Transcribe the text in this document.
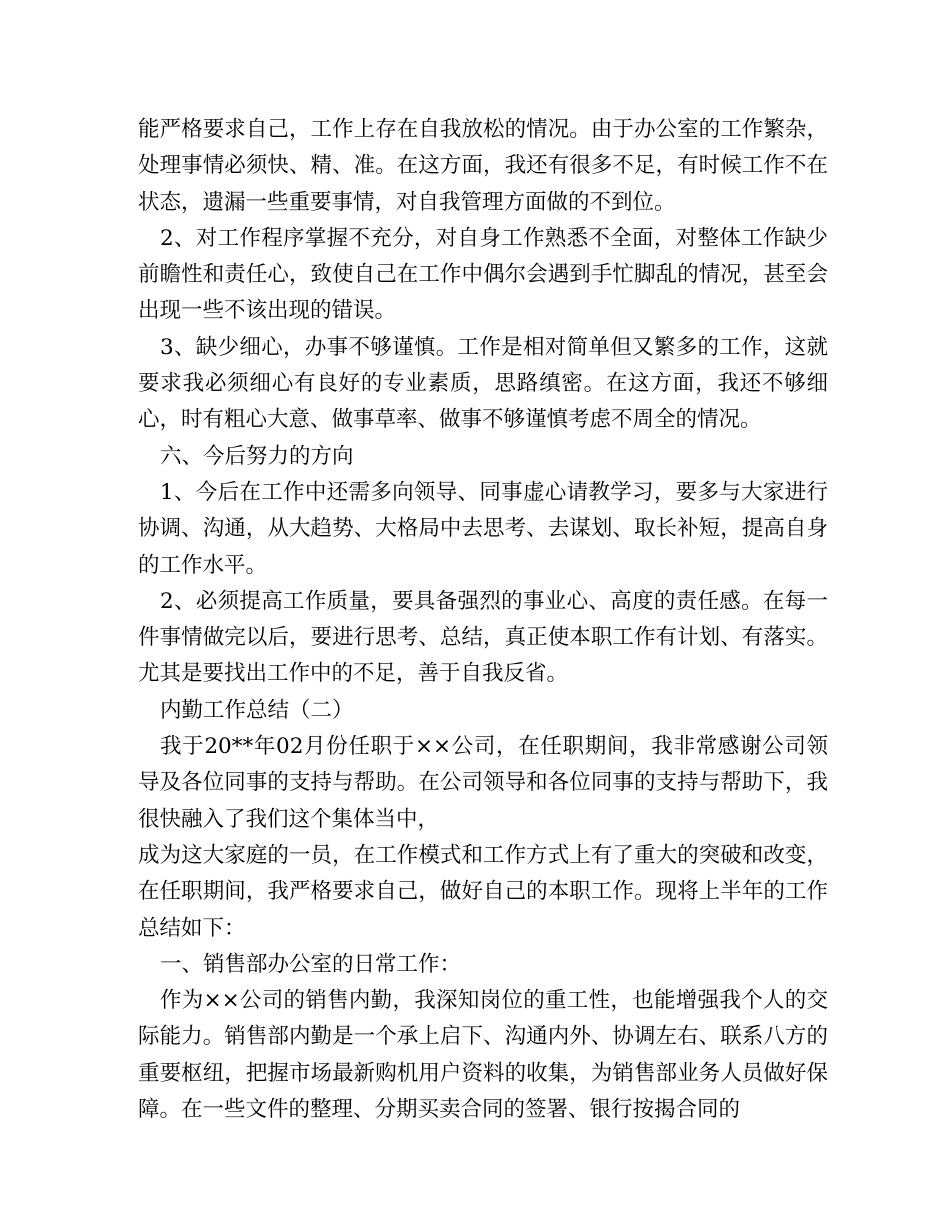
能严格要求自己，工作上存在自我放松的情况。由于办公室的工作繁杂，处理事情必须快、精、准。在这方面，我还有很多不足，有时候工作不在状态，遗漏一些重要事情，对自我管理方面做的不到位。

2、对工作程序掌握不充分，对自身工作熟悉不全面，对整体工作缺少前瞻性和责任心，致使自己在工作中偶尔会遇到手忙脚乱的情况，甚至会出现一些不该出现的错误。

3、缺少细心，办事不够谨慎。工作是相对简单但又繁多的工作，这就要求我必须细心有良好的专业素质，思路缜密。在这方面，我还不够细心，时有粗心大意、做事草率、做事不够谨慎考虑不周全的情况。

六、今后努力的方向

1、今后在工作中还需多向领导、同事虚心请教学习，要多与大家进行协调、沟通，从大趋势、大格局中去思考、去谋划、取长补短，提高自身的工作水平。

2、必须提高工作质量，要具备强烈的事业心、高度的责任感。在每一件事情做完以后，要进行思考、总结，真正使本职工作有计划、有落实。尤其是要找出工作中的不足，善于自我反省。

内勤工作总结（二）

我于20**年02月份任职于××公司，在任职期间，我非常感谢公司领导及各位同事的支持与帮助。在公司领导和各位同事的支持与帮助下，我很快融入了我们这个集体当中，

成为这大家庭的一员，在工作模式和工作方式上有了重大的突破和改变，在任职期间，我严格要求自己，做好自己的本职工作。现将上半年的工作总结如下：

一、销售部办公室的日常工作：

作为××公司的销售内勤，我深知岗位的重工性，也能增强我个人的交际能力。销售部内勤是一个承上启下、沟通内外、协调左右、联系八方的重要枢纽，把握市场最新购机用户资料的收集，为销售部业务人员做好保障。在一些文件的整理、分期买卖合同的签署、银行按揭合同的
